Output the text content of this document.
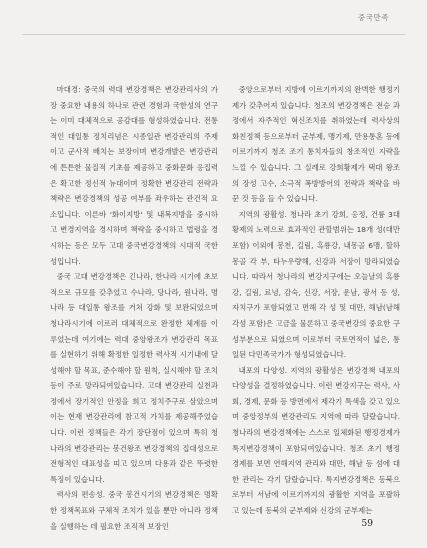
중국만족

마대경: 중국의 력대 변강경책은 변강관리사의 가장 중요한 내용의 하나로 관련 경험과 국한성의 연구는 이미 대체적으로 공감대를 형성하였습니다. 전통적인 대일통 정치리념은 시종일관 변강관리의 주제이고 군사적 배치는 보장이며 변강개발은 변강관리에 튼튼한 물질적 기초를 제공하고 중화문화 응집력은 확고한 정신적 뉴대이며 정확한 변강관리 전략과 책략은 변강경책의 성공 여부를 좌우하는 관건적 요소입니다. 이른바 '화이지방' 및 내복지방을 중시하고 변경지역을 경시하며 책략을 중시하고 법령을 경시하는 등은 모두 고대 중국변강경책의 시대적 국한성입니다.

중국 고대 변강경책은 긴나라, 한나라 시기에 초보적으로 규모를 갖추었고 수나라, 당나라, 원나라, 명나라 등 대일통 왕조를 거쳐 강화 및 보완되었으며 청나라시기에 이르러 대체적으로 완정한 체계를 이루었는데 여기에는 력대 중앙왕조가 변강관리 목표를 실현하기 위해 확정한 일정한 력사적 시기내에 달성해야 할 목표, 준수해야 할 원칙, 실시해야 할 조치 등이 주로 망라되여있습니다. 고대 변강관리 실천과정에서 장기적인 안정을 희고 정치주구로 삼았으며 이는 현재 변강관리에 참고적 가치를 제공해주었습니다. 이런 정책들은 각기 장단점이 있으며 특히 청나라의 변강관리는 봉건왕조 변강경책의 집대성으로 전형적인 대표성을 띠고 있으며 다용과 같은 뚜렷한 특징이 있습니다.

력사의 편송성. 중국 봉건시기의 변강경책은 명확한 정책목표와 구체적 조치가 있을 뿐만 아니라 정책을 실행하는 데 필요한 조직적 보장인

중앙으로부터 지방에 이르기까지의 완벽한 행정기제가 갖추어져 있습니다. 청조의 변강경책은 전승 과정에서 자주적인 혁신조치를 취하였는데 력사상의 화친정책 등으로부터 군부제, 맹기제, 만용통혼 등에 이르기까지 청조 조기 통치자들의 창조적인 지략을 느낄 수 있습니다. 그 실례로 강희황제가 택대 왕조의 장성 고수, 소극적 폭방방어의 전략과 책략을 바꾼 것 등을 들 수 있습니다.

지역의 광활성. 청나라 초기 강희, 옹정, 건륭 3대 황제의 노력으로 효과적인 관할범위는 18개 성(대만 포함) 이외에 봉천, 길림, 흑룡강, 내몽골 6맹, 할하몽골 각 부, 타누우량해, 신강과 서장이 망라되였습니다. 따라서 청나라의 변강지구에는 오늘날의 흑룡강, 길림, 료녕, 감숙, 신강, 서장, 운남, 광서 등 성, 자치구가 포함되였고 면해 각 성 및 대만, 해남(남해 각섬 포함)은 고금을 물론하고 중국변강의 중요한 구성부분으로 되였으며 이로부터 국토면적이 넓은, 통일된 다민족국가가 형성되였습니다.

내포의 다양성. 지역의 광활성은 변강경책 내포의 다양성을 결정하였습니다. 이런 변강지구는 력사, 사회, 경제, 문화 등 방면에서 제각기 특색을 갖고 있으며 중앙정부의 변강관리도 지역에 따라 달랐습니다. 청나라의 변강경책에는 스스로 일체화된 행정경제가 특지변강경책이 포함되여있습니다. 청조 초기 행정경제를 보면 연해지역 관리와 대만, 해남 등 섬에 대한 관리는 각기 달랐습니다. 특지변강경책은 동북으로부터 서남에 이르기까지의 광활한 지역을 포괄하고 있는데 동북의 군부제와 신강의 군부제는

59
